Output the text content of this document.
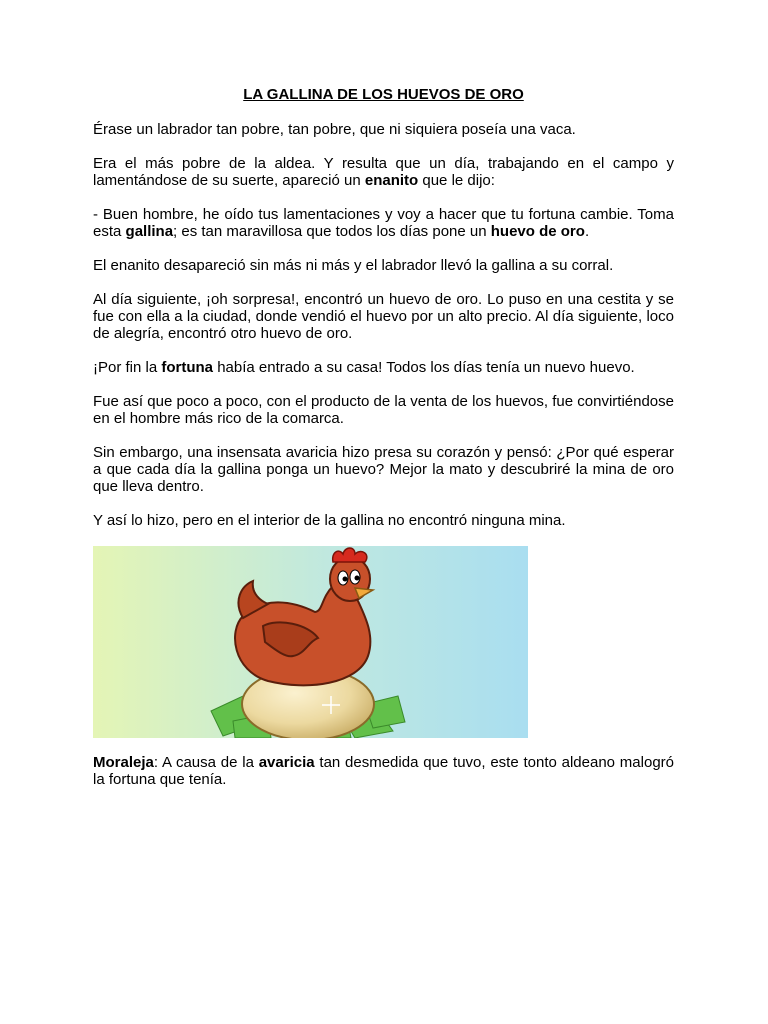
LA GALLINA DE LOS HUEVOS DE ORO

Érase un labrador tan pobre, tan pobre, que ni siquiera poseía una vaca.

Era el más pobre de la aldea. Y resulta que un día, trabajando en el campo y lamentándose de su suerte, apareció un enanito que le dijo:

- Buen hombre, he oído tus lamentaciones y voy a hacer que tu fortuna cambie. Toma esta gallina; es tan maravillosa que todos los días pone un huevo de oro.

El enanito desapareció sin más ni más y el labrador llevó la gallina a su corral.

Al día siguiente, ¡oh sorpresa!, encontró un huevo de oro. Lo puso en una cestita y se fue con ella a la ciudad, donde vendió el huevo por un alto precio. Al día siguiente, loco de alegría, encontró otro huevo de oro.

¡Por fin la fortuna había entrado a su casa! Todos los días tenía un nuevo huevo.

Fue así que poco a poco, con el producto de la venta de los huevos, fue convirtiéndose en el hombre más rico de la comarca.

Sin embargo, una insensata avaricia hizo presa su corazón y pensó: ¿Por qué esperar a que cada día la gallina ponga un huevo? Mejor la mato y descubriré la mina de oro que lleva dentro.

Y así lo hizo, pero en el interior de la gallina no encontró ninguna mina.

Moraleja: A causa de la avaricia tan desmedida que tuvo, este tonto aldeano malogró la fortuna que tenía.
